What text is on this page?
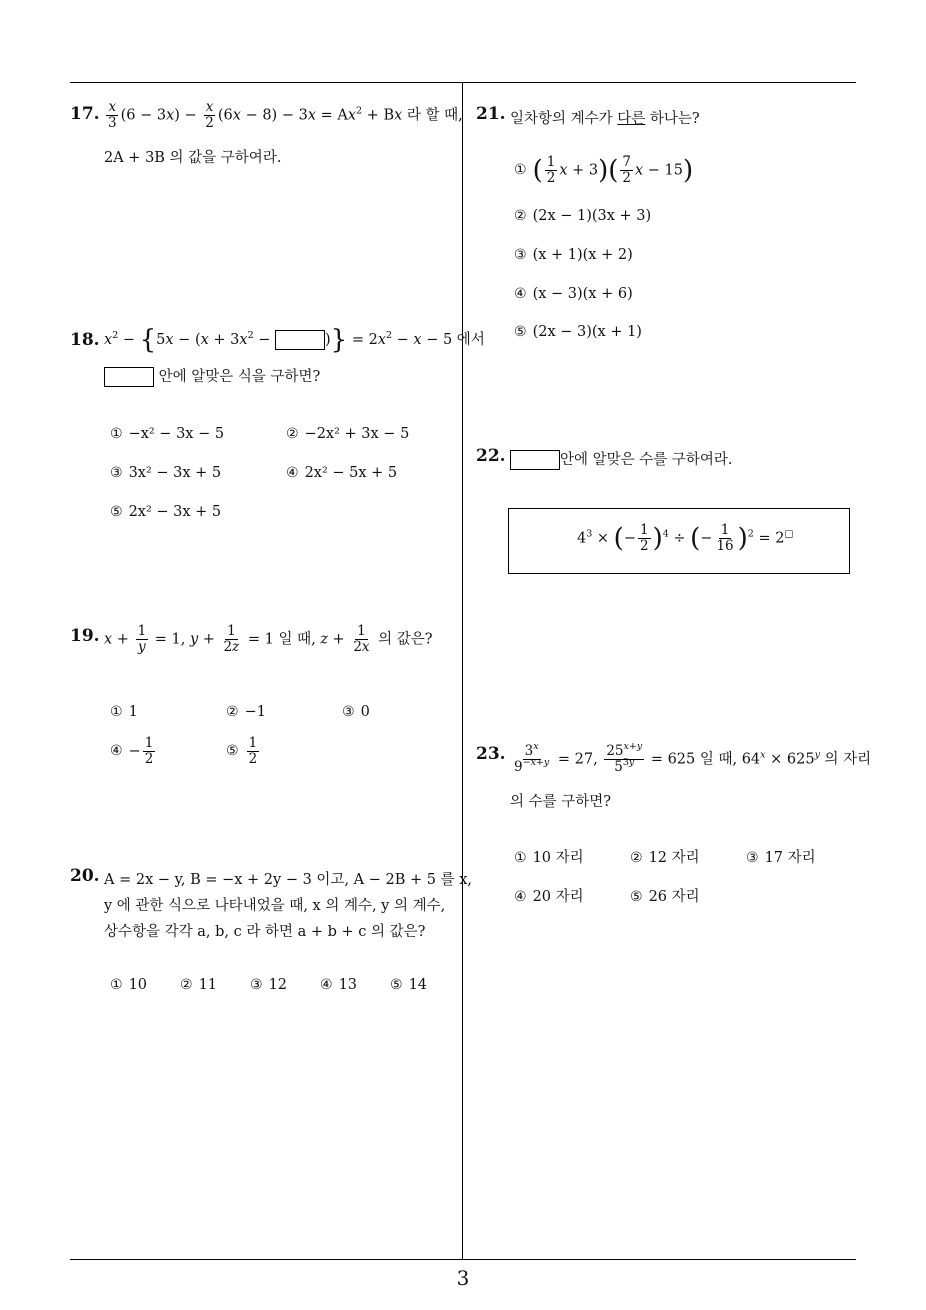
17. $\frac{x}{3} (6 - 3x) - \frac{x}{2} (6x - 8) - 3x = Ax^2 + Bx$ 라 할 때,
2A + 3B 의 값을 구하여라.
18. $x^2 - \{5x - (x + 3x^2$ −	)} = $2x^2 - x - 5$ 에서
안에 알맞은 식을 구하면?
① −x² − 3x − 5	② −2x² + 3x − 5
③ 3x² − 3x + 5	④ 2x² − 5x + 5
⑤ 2x² − 3x + 5
19. $x + \frac{1}{y} = 1$, $y + \frac{1}{2z} = 1$ 일 때, $z + \frac{1}{2x}$ 의 값은?
① 1	② −1	③ 0
④ − $\frac{1}{2}$	⑤ $\frac{1}{2}$
20. A = 2x − y, B = −x + 2y − 3 이고, A − 2B + 5 를 x,
y 에 관한 식으로 나타내었을 때, x 의 계수, y 의 계수,
상수항을 각각 a, b, c 라 하면 a + b + c 의 값은?
① 10 ② 11 ③ 12 ④ 13 ⑤ 14
21. 일차항의 계수가 다른 하나는?
① ( $\frac{1}{2}$ $x + 3)( \frac{7}{2}$ x − 15)
② (2x − 1)(3x + 3)
③ (x + 1)(x + 2)
④ (x − 3)(x + 6)
⑤ (2x − 3)(x + 1)
22.	안에 알맞은 수를 구하여라.
$4^3$ × (− $\frac{1}{2} )^4$ ÷ (− $\frac{1}{16} )^2 = 2^□$
23. $\frac{3^x}{9^{-x+y}} = 27$, $\frac{25^{x+y}}{5^{3y}} = 625$ 일 때, $64^x \times 625^y$ 의 자리
의 수를 구하면?
① 10 자리	② 12 자리	③ 17 자리
④ 20 자리	⑤ 26 자리
3
